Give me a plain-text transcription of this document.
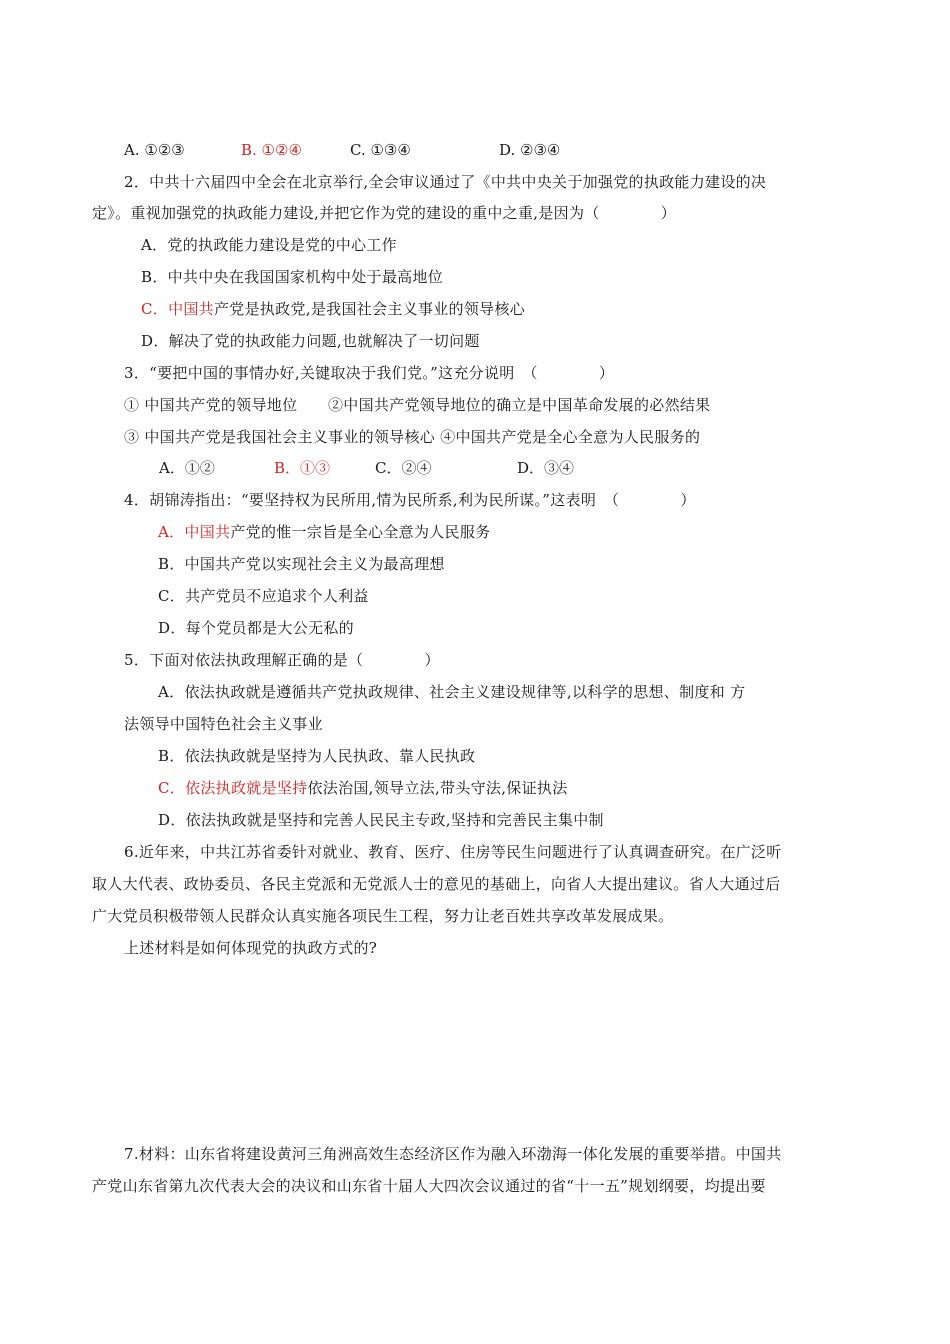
A. ①②③	B. ①②④	C. ①③④	D. ②③④
2．中共十六届四中全会在北京举行,全会审议通过了《中共中央关于加强党的执政能力建设的决
定》。重视加强党的执政能力建设,并把它作为党的建设的重中之重,是因为（　　　　）
A．党的执政能力建设是党的中心工作
B．中共中央在我国国家机构中处于最高地位
C．中国共产党是执政党,是我国社会主义事业的领导核心
D．解决了党的执政能力问题,也就解决了一切问题
3．“要把中国的事情办好,关键取决于我们党。”这充分说明　（　　　　）
① 中国共产党的领导地位　　②中国共产党领导地位的确立是中国革命发展的必然结果
③ 中国共产党是我国社会主义事业的领导核心 ④中国共产党是全心全意为人民服务的
A．①②	B．①③	C．②④	D．③④
4．胡锦涛指出：“要坚持权为民所用,情为民所系,利为民所谋。”这表明　（　　　　）
A．中国共产党的惟一宗旨是全心全意为人民服务
B．中国共产党以实现社会主义为最高理想
C．共产党员不应追求个人利益
D．每个党员都是大公无私的
5．下面对依法执政理解正确的是（　　　　）
A．依法执政就是遵循共产党执政规律、社会主义建设规律等,以科学的思想、制度和 方
法领导中国特色社会主义事业
B．依法执政就是坚持为人民执政、靠人民执政
C．依法执政就是坚持依法治国,领导立法,带头守法,保证执法
D．依法执政就是坚持和完善人民民主专政,坚持和完善民主集中制
6.近年来，中共江苏省委针对就业、教育、医疗、住房等民生问题进行了认真调查研究。在广泛听
取人大代表、政协委员、各民主党派和无党派人士的意见的基础上，向省人大提出建议。省人大通过后
广大党员积极带领人民群众认真实施各项民生工程，努力让老百姓共享改革发展成果。
上述材料是如何体现党的执政方式的?
7.材料：山东省将建设黄河三角洲高效生态经济区作为融入环渤海一体化发展的重要举措。中国共
产党山东省第九次代表大会的决议和山东省十届人大四次会议通过的省“十一五”规划纲要，均提出要
